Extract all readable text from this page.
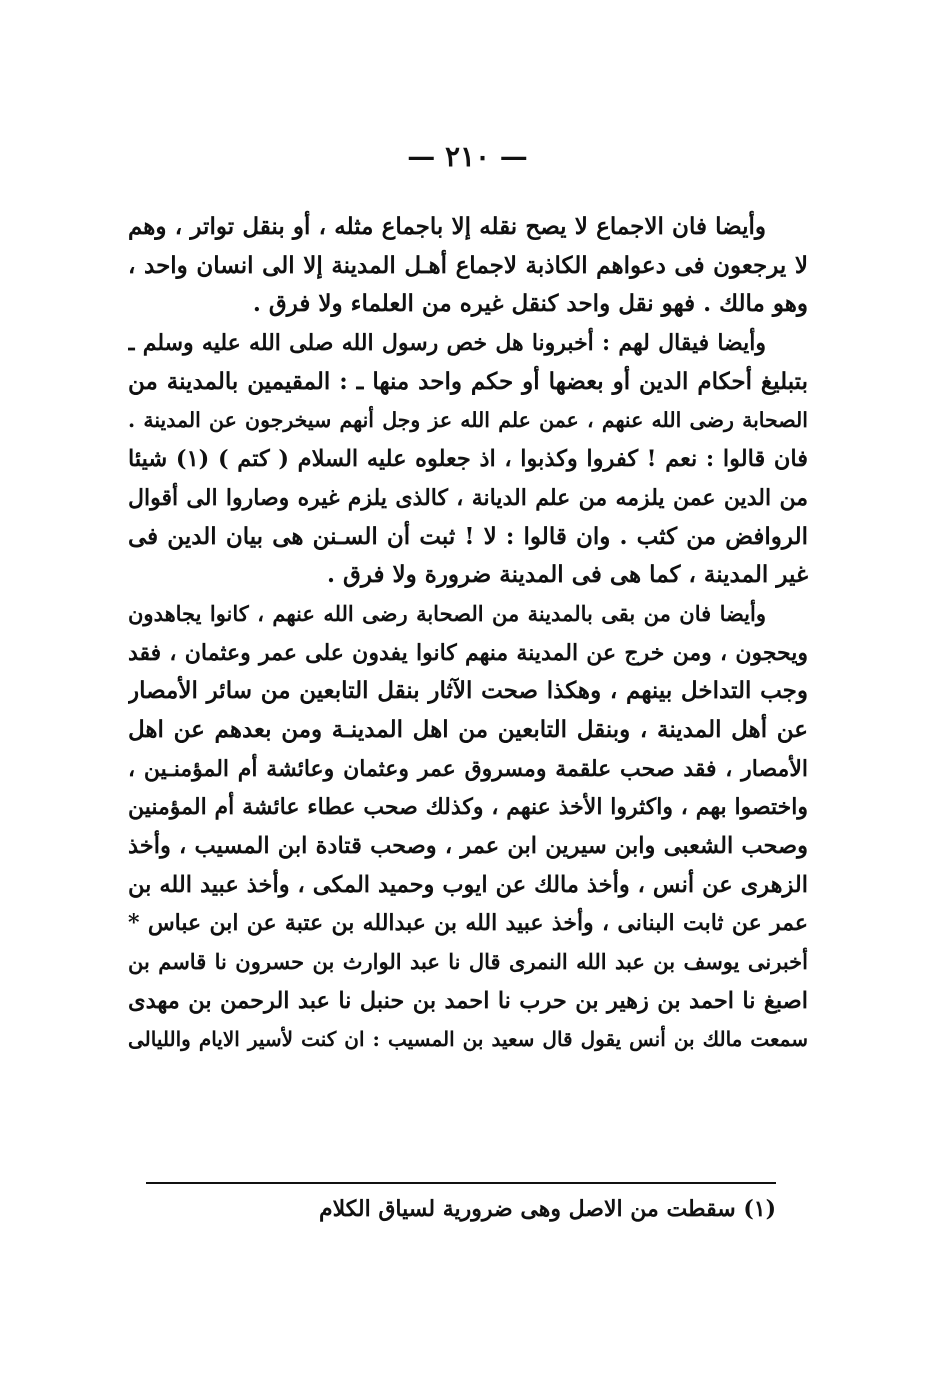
— ٢١٠ —
وأيضا فان الاجماع لا يصح نقله إلا باجماع مثله ، أو بنقل تواتر ، وهم
لا يرجعون فى دعواهم الكاذبة لاجماع أهـل المدينة إلا الى انسان واحد ،
وهو مالك . فهو نقل واحد كنقل غيره من العلماء ولا فرق .
وأيضا فيقال لهم : أخبرونا هل خص رسول الله صلى الله عليه وسلم ـ
بتبليغ أحكام الدين أو بعضها أو حكم واحد منها ـ : المقيمين بالمدينة من
الصحابة رضى الله عنهم ، عمن علم الله عز وجل أنهم سيخرجون عن المدينة .
فان قالوا : نعم ! كفروا وكذبوا ، اذ جعلوه عليه السلام ( كتم ) (١) شيئا
من الدين عمن يلزمه من علم الديانة ، كالذى يلزم غيره وصاروا الى أقوال
الروافض من كثب . وان قالوا : لا ! ثبت أن السـنن هى بيان الدين فى
غير المدينة ، كما هى فى المدينة ضرورة ولا فرق .
وأيضا فان من بقى بالمدينة من الصحابة رضى الله عنهم ، كانوا يجاهدون
ويحجون ، ومن خرج عن المدينة منهم كانوا يفدون على عمر وعثمان ، فقد
وجب التداخل بينهم ، وهكذا صحت الآثار بنقل التابعين من سائر الأمصار
عن أهل المدينة ، وبنقل التابعين من اهل المدينـة ومن بعدهم عن اهل
الأمصار ، فقد صحب علقمة ومسروق عمر وعثمان وعائشة أم المؤمنـين ،
واختصوا بهم ، واكثروا الأخذ عنهم ، وكذلك صحب عطاء عائشة أم المؤمنين
وصحب الشعبى وابن سيرين ابن عمر ، وصحب قتادة ابن المسيب ، وأخذ
الزهرى عن أنس ، وأخذ مالك عن ايوب وحميد المكى ، وأخذ عبيد الله بن
عمر عن ثابت البنانى ، وأخذ عبيد الله بن عبدالله بن عتبة عن ابن عباس *
أخبرنى يوسف بن عبد الله النمرى قال نا عبد الوارث بن حسرون نا قاسم بن
اصبغ نا احمد بن زهير بن حرب نا احمد بن حنبل نا عبد الرحمن بن مهدى
سمعت مالك بن أنس يقول قال سعيد بن المسيب : ان كنت لأسير الايام والليالى
(١) سقطت من الاصل وهى ضرورية لسياق الكلام
